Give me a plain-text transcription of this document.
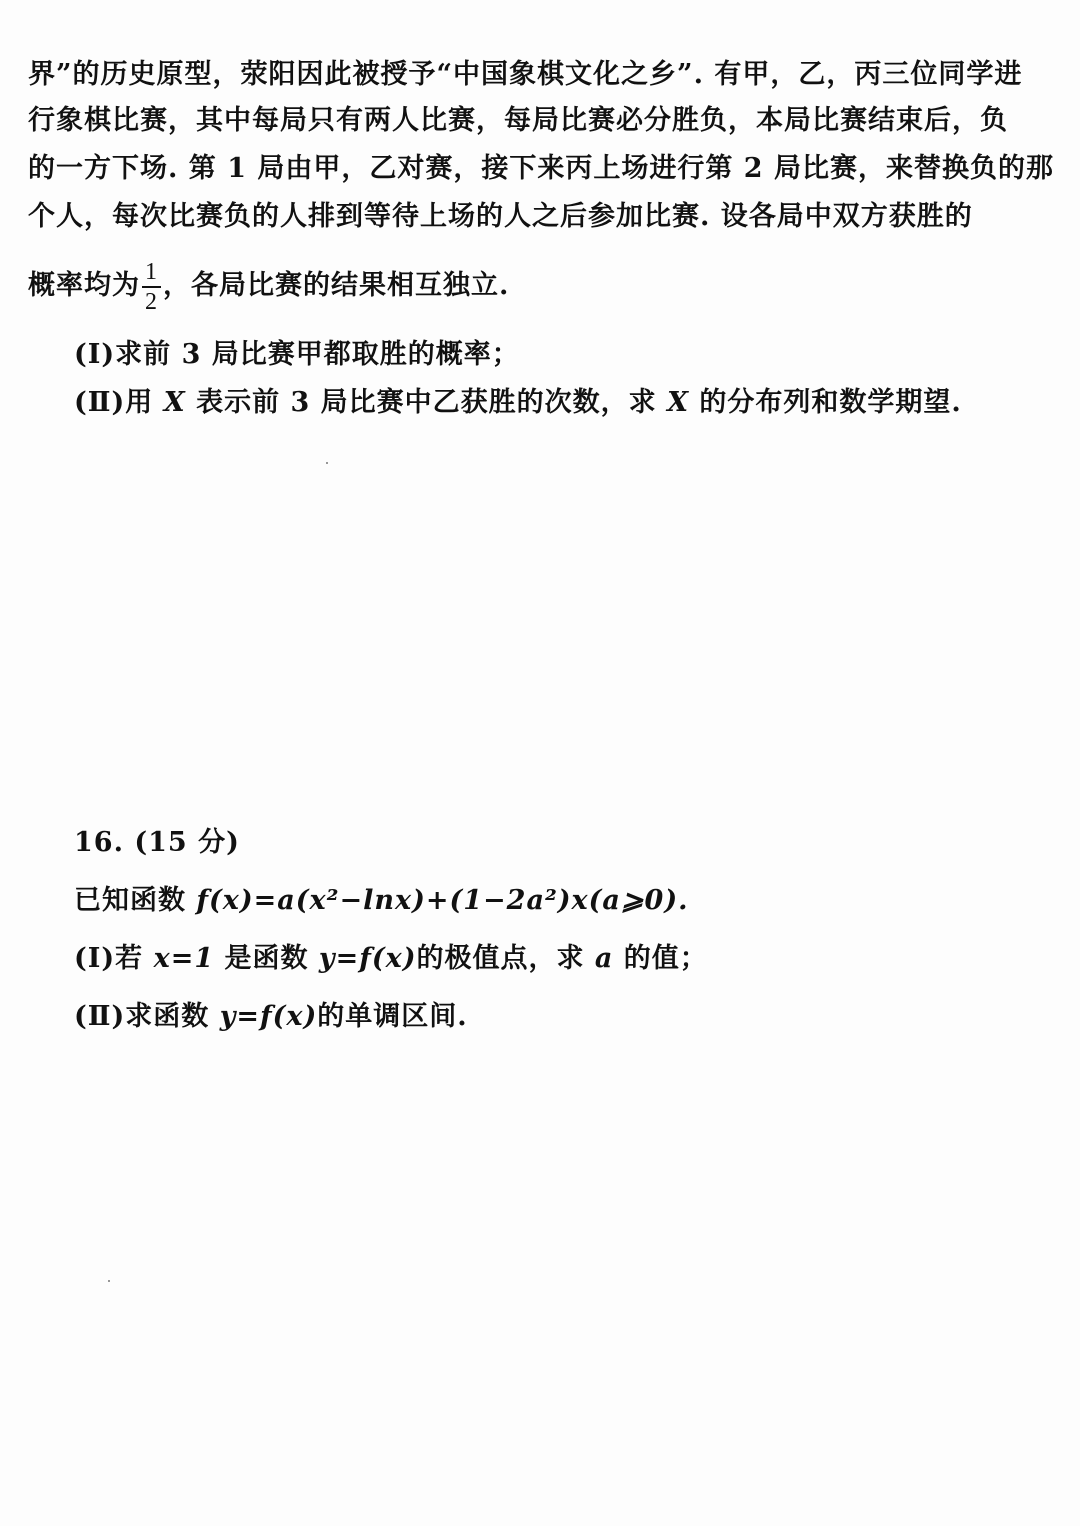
界”的历史原型，荥阳因此被授予“中国象棋文化之乡”. 有甲，乙，丙三位同学进
行象棋比赛，其中每局只有两人比赛，每局比赛必分胜负，本局比赛结束后，负
的一方下场. 第 1 局由甲，乙对赛，接下来丙上场进行第 2 局比赛，来替换负的那
个人，每次比赛负的人排到等待上场的人之后参加比赛. 设各局中双方获胜的
概率均为 $\frac{1}{2}$ ，各局比赛的结果相互独立.
(Ⅰ)求前 3 局比赛甲都取胜的概率；
(Ⅱ)用 X 表示前 3 局比赛中乙获胜的次数，求 X 的分布列和数学期望.
16. (15 分)
已知函数 f(x)=a(x²−lnx)+(1−2a²)x(a⩾0).
(Ⅰ)若 x=1 是函数 y=f(x)的极值点，求 a 的值；
(Ⅱ)求函数 y=f(x)的单调区间.
